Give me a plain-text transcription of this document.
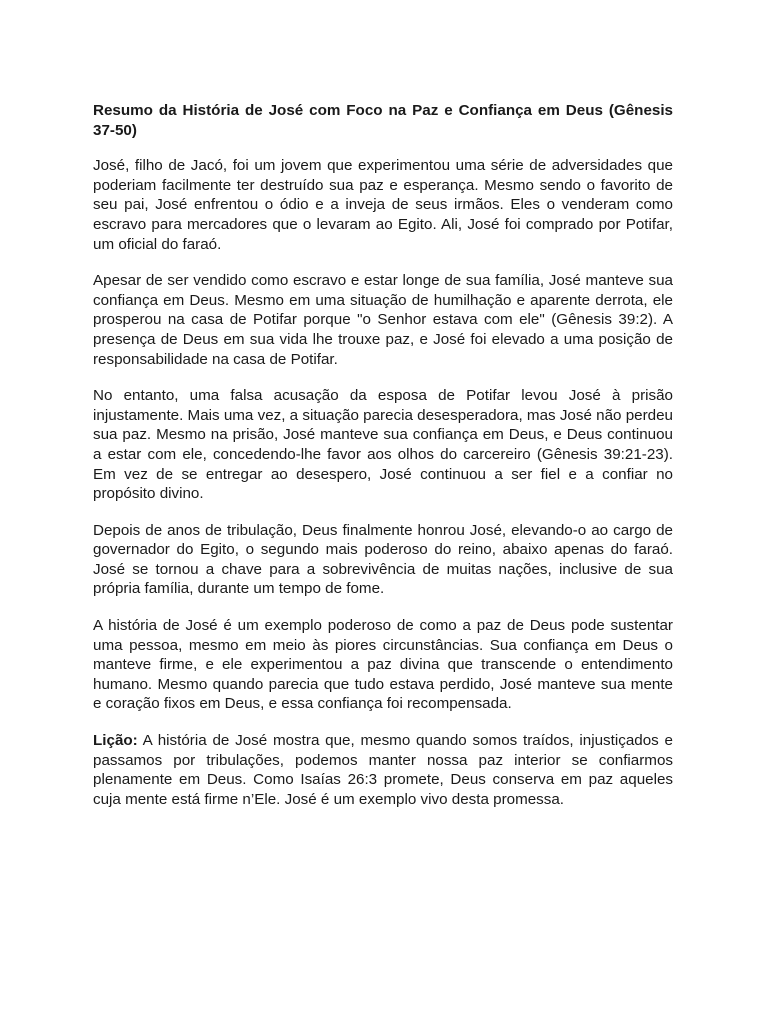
Resumo da História de José com Foco na Paz e Confiança em Deus (Gênesis 37-50)

José, filho de Jacó, foi um jovem que experimentou uma série de adversidades que poderiam facilmente ter destruído sua paz e esperança. Mesmo sendo o favorito de seu pai, José enfrentou o ódio e a inveja de seus irmãos. Eles o venderam como escravo para mercadores que o levaram ao Egito. Ali, José foi comprado por Potifar, um oficial do faraó.

Apesar de ser vendido como escravo e estar longe de sua família, José manteve sua confiança em Deus. Mesmo em uma situação de humilhação e aparente derrota, ele prosperou na casa de Potifar porque "o Senhor estava com ele" (Gênesis 39:2). A presença de Deus em sua vida lhe trouxe paz, e José foi elevado a uma posição de responsabilidade na casa de Potifar.

No entanto, uma falsa acusação da esposa de Potifar levou José à prisão injustamente. Mais uma vez, a situação parecia desesperadora, mas José não perdeu sua paz. Mesmo na prisão, José manteve sua confiança em Deus, e Deus continuou a estar com ele, concedendo-lhe favor aos olhos do carcereiro (Gênesis 39:21-23). Em vez de se entregar ao desespero, José continuou a ser fiel e a confiar no propósito divino.

Depois de anos de tribulação, Deus finalmente honrou José, elevando-o ao cargo de governador do Egito, o segundo mais poderoso do reino, abaixo apenas do faraó. José se tornou a chave para a sobrevivência de muitas nações, inclusive de sua própria família, durante um tempo de fome.

A história de José é um exemplo poderoso de como a paz de Deus pode sustentar uma pessoa, mesmo em meio às piores circunstâncias. Sua confiança em Deus o manteve firme, e ele experimentou a paz divina que transcende o entendimento humano. Mesmo quando parecia que tudo estava perdido, José manteve sua mente e coração fixos em Deus, e essa confiança foi recompensada.

Lição: A história de José mostra que, mesmo quando somos traídos, injustiçados e passamos por tribulações, podemos manter nossa paz interior se confiarmos plenamente em Deus. Como Isaías 26:3 promete, Deus conserva em paz aqueles cuja mente está firme n’Ele. José é um exemplo vivo desta promessa.
